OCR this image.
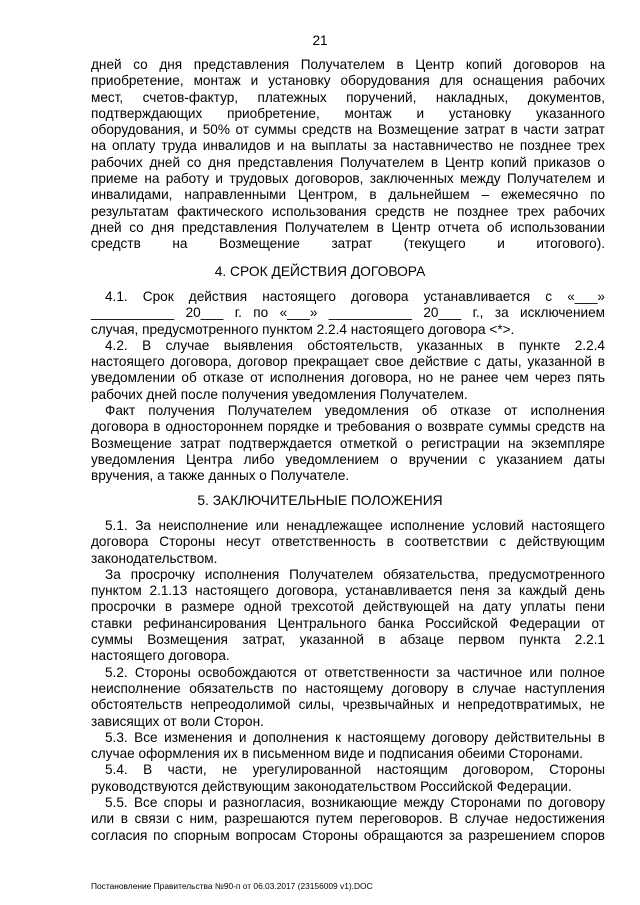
21
дней со дня представления Получателем в Центр копий договоров на
приобретение, монтаж и установку оборудования для оснащения рабочих
мест, счетов-фактур, платежных поручений, накладных, документов,
подтверждающих приобретение, монтаж и установку указанного
оборудования, и 50% от суммы средств на Возмещение затрат в части затрат
на оплату труда инвалидов и на выплаты за наставничество не позднее трех
рабочих дней со дня представления Получателем в Центр копий приказов о
приеме на работу и трудовых договоров, заключенных между Получателем и
инвалидами, направленными Центром, в дальнейшем – ежемесячно по
результатам фактического использования средств не позднее трех рабочих
дней со дня представления Получателем в Центр отчета об использовании
средств на Возмещение затрат (текущего и итогового).
4. СРОК ДЕЙСТВИЯ ДОГОВОРА
4.1. Срок действия настоящего договора устанавливается с «___»
___________ 20___ г. по «___» ___________ 20___ г., за исключением
случая, предусмотренного пунктом 2.2.4 настоящего договора <*>.
4.2. В случае выявления обстоятельств, указанных в пункте 2.2.4
настоящего договора, договор прекращает свое действие с даты, указанной в
уведомлении об отказе от исполнения договора, но не ранее чем через пять
рабочих дней после получения уведомления Получателем.
Факт получения Получателем уведомления об отказе от исполнения
договора в одностороннем порядке и требования о возврате суммы средств на
Возмещение затрат подтверждается отметкой о регистрации на экземпляре
уведомления Центра либо уведомлением о вручении с указанием даты
вручения, а также данных о Получателе.
5. ЗАКЛЮЧИТЕЛЬНЫЕ ПОЛОЖЕНИЯ
5.1. За неисполнение или ненадлежащее исполнение условий настоящего
договора Стороны несут ответственность в соответствии с действующим
законодательством.
За просрочку исполнения Получателем обязательства, предусмотренного
пунктом 2.1.13 настоящего договора, устанавливается пеня за каждый день
просрочки в размере одной трехсотой действующей на дату уплаты пени
ставки рефинансирования Центрального банка Российской Федерации от
суммы Возмещения затрат, указанной в абзаце первом пункта 2.2.1
настоящего договора.
5.2. Стороны освобождаются от ответственности за частичное или полное
неисполнение обязательств по настоящему договору в случае наступления
обстоятельств непреодолимой силы, чрезвычайных и непредотвратимых, не
зависящих от воли Сторон.
5.3. Все изменения и дополнения к настоящему договору действительны в
случае оформления их в письменном виде и подписания обеими Сторонами.
5.4. В части, не урегулированной настоящим договором, Стороны
руководствуются действующим законодательством Российской Федерации.
5.5. Все споры и разногласия, возникающие между Сторонами по договору
или в связи с ним, разрешаются путем переговоров. В случае недостижения
согласия по спорным вопросам Стороны обращаются за разрешением споров
Постановление Правительства №90-п от 06.03.2017 (23156009 v1).DOC
